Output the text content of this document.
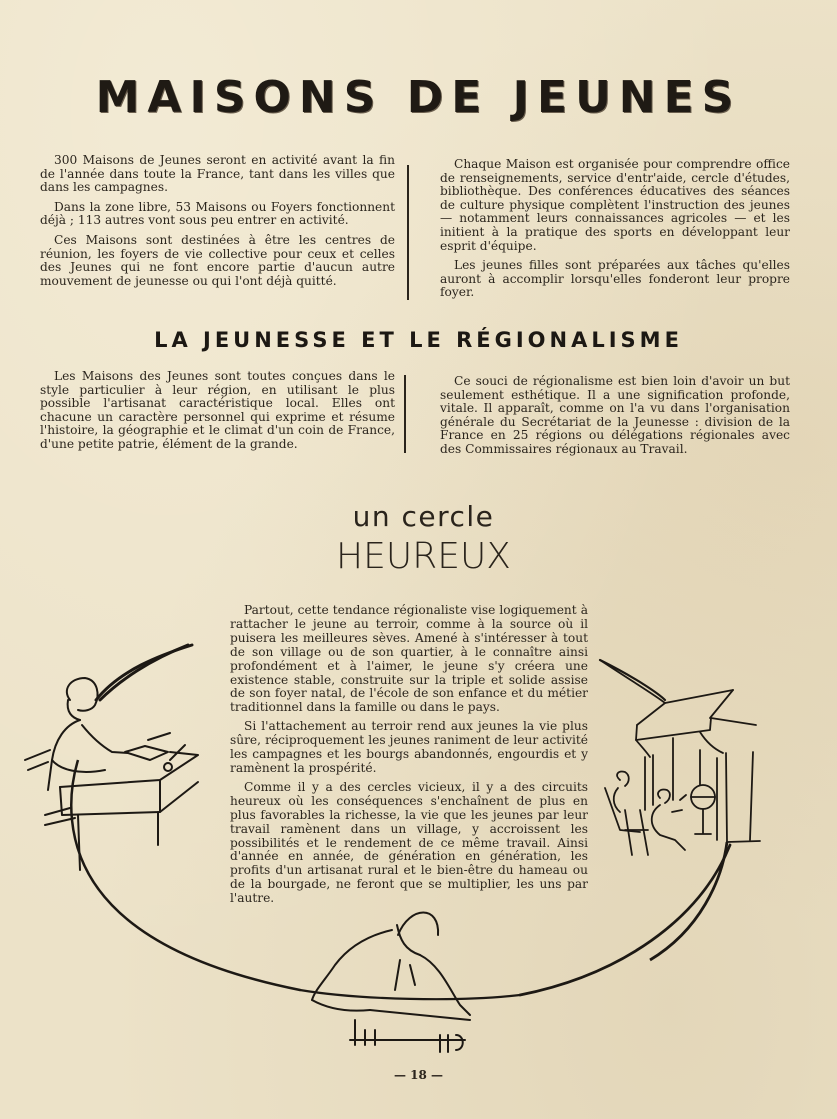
MAISONS DE JEUNES

300 Maisons de Jeunes seront en activité avant la fin de l'année dans toute la France, tant dans les villes que dans les campagnes.

Dans la zone libre, 53 Maisons ou Foyers fonctionnent déjà ; 113 autres vont sous peu entrer en activité.

Ces Maisons sont destinées à être les centres de réunion, les foyers de vie collective pour ceux et celles des Jeunes qui ne font encore partie d'aucun autre mouvement de jeunesse ou qui l'ont déjà quitté.

Chaque Maison est organisée pour comprendre office de renseignements, service d'entr'aide, cercle d'études, bibliothèque. Des conférences éducatives des séances de culture physique complètent l'instruction des jeunes — notamment leurs connaissances agricoles — et les initient à la pratique des sports en développant leur esprit d'équipe.

Les jeunes filles sont préparées aux tâches qu'elles auront à accomplir lorsqu'elles fonderont leur propre foyer.

LA JEUNESSE ET LE RÉGIONALISME

Les Maisons des Jeunes sont toutes conçues dans le style particulier à leur région, en utilisant le plus possible l'artisanat caractéristique local. Elles ont chacune un caractère personnel qui exprime et résume l'histoire, la géographie et le climat d'un coin de France, d'une petite patrie, élément de la grande.

Ce souci de régionalisme est bien loin d'avoir un but seulement esthétique. Il a une signification profonde, vitale. Il apparaît, comme on l'a vu dans l'organisation générale du Secrétariat de la Jeunesse : division de la France en 25 régions ou délégations régionales avec des Commissaires régionaux au Travail.

un cercle
HEUREUX

Partout, cette tendance régionaliste vise logiquement à rattacher le jeune au terroir, comme à la source où il puisera les meilleures sèves. Amené à s'intéresser à tout de son village ou de son quartier, à le connaître ainsi profondément et à l'aimer, le jeune s'y créera une existence stable, construite sur la triple et solide assise de son foyer natal, de l'école de son enfance et du métier traditionnel dans la famille ou dans le pays.

Si l'attachement au terroir rend aux jeunes la vie plus sûre, réciproquement les jeunes raniment de leur activité les campagnes et les bourgs abandonnés, engourdis et y ramènent la prospérité.

Comme il y a des cercles vicieux, il y a des circuits heureux où les conséquences s'enchaînent de plus en plus favorables la richesse, la vie que les jeunes par leur travail ramènent dans un village, y accroissent les possibilités et le rendement de ce même travail. Ainsi d'année en année, de génération en génération, les profits d'un artisanat rural et le bien-être du hameau ou de la bourgade, ne feront que se multiplier, les uns par l'autre.

— 18 —
